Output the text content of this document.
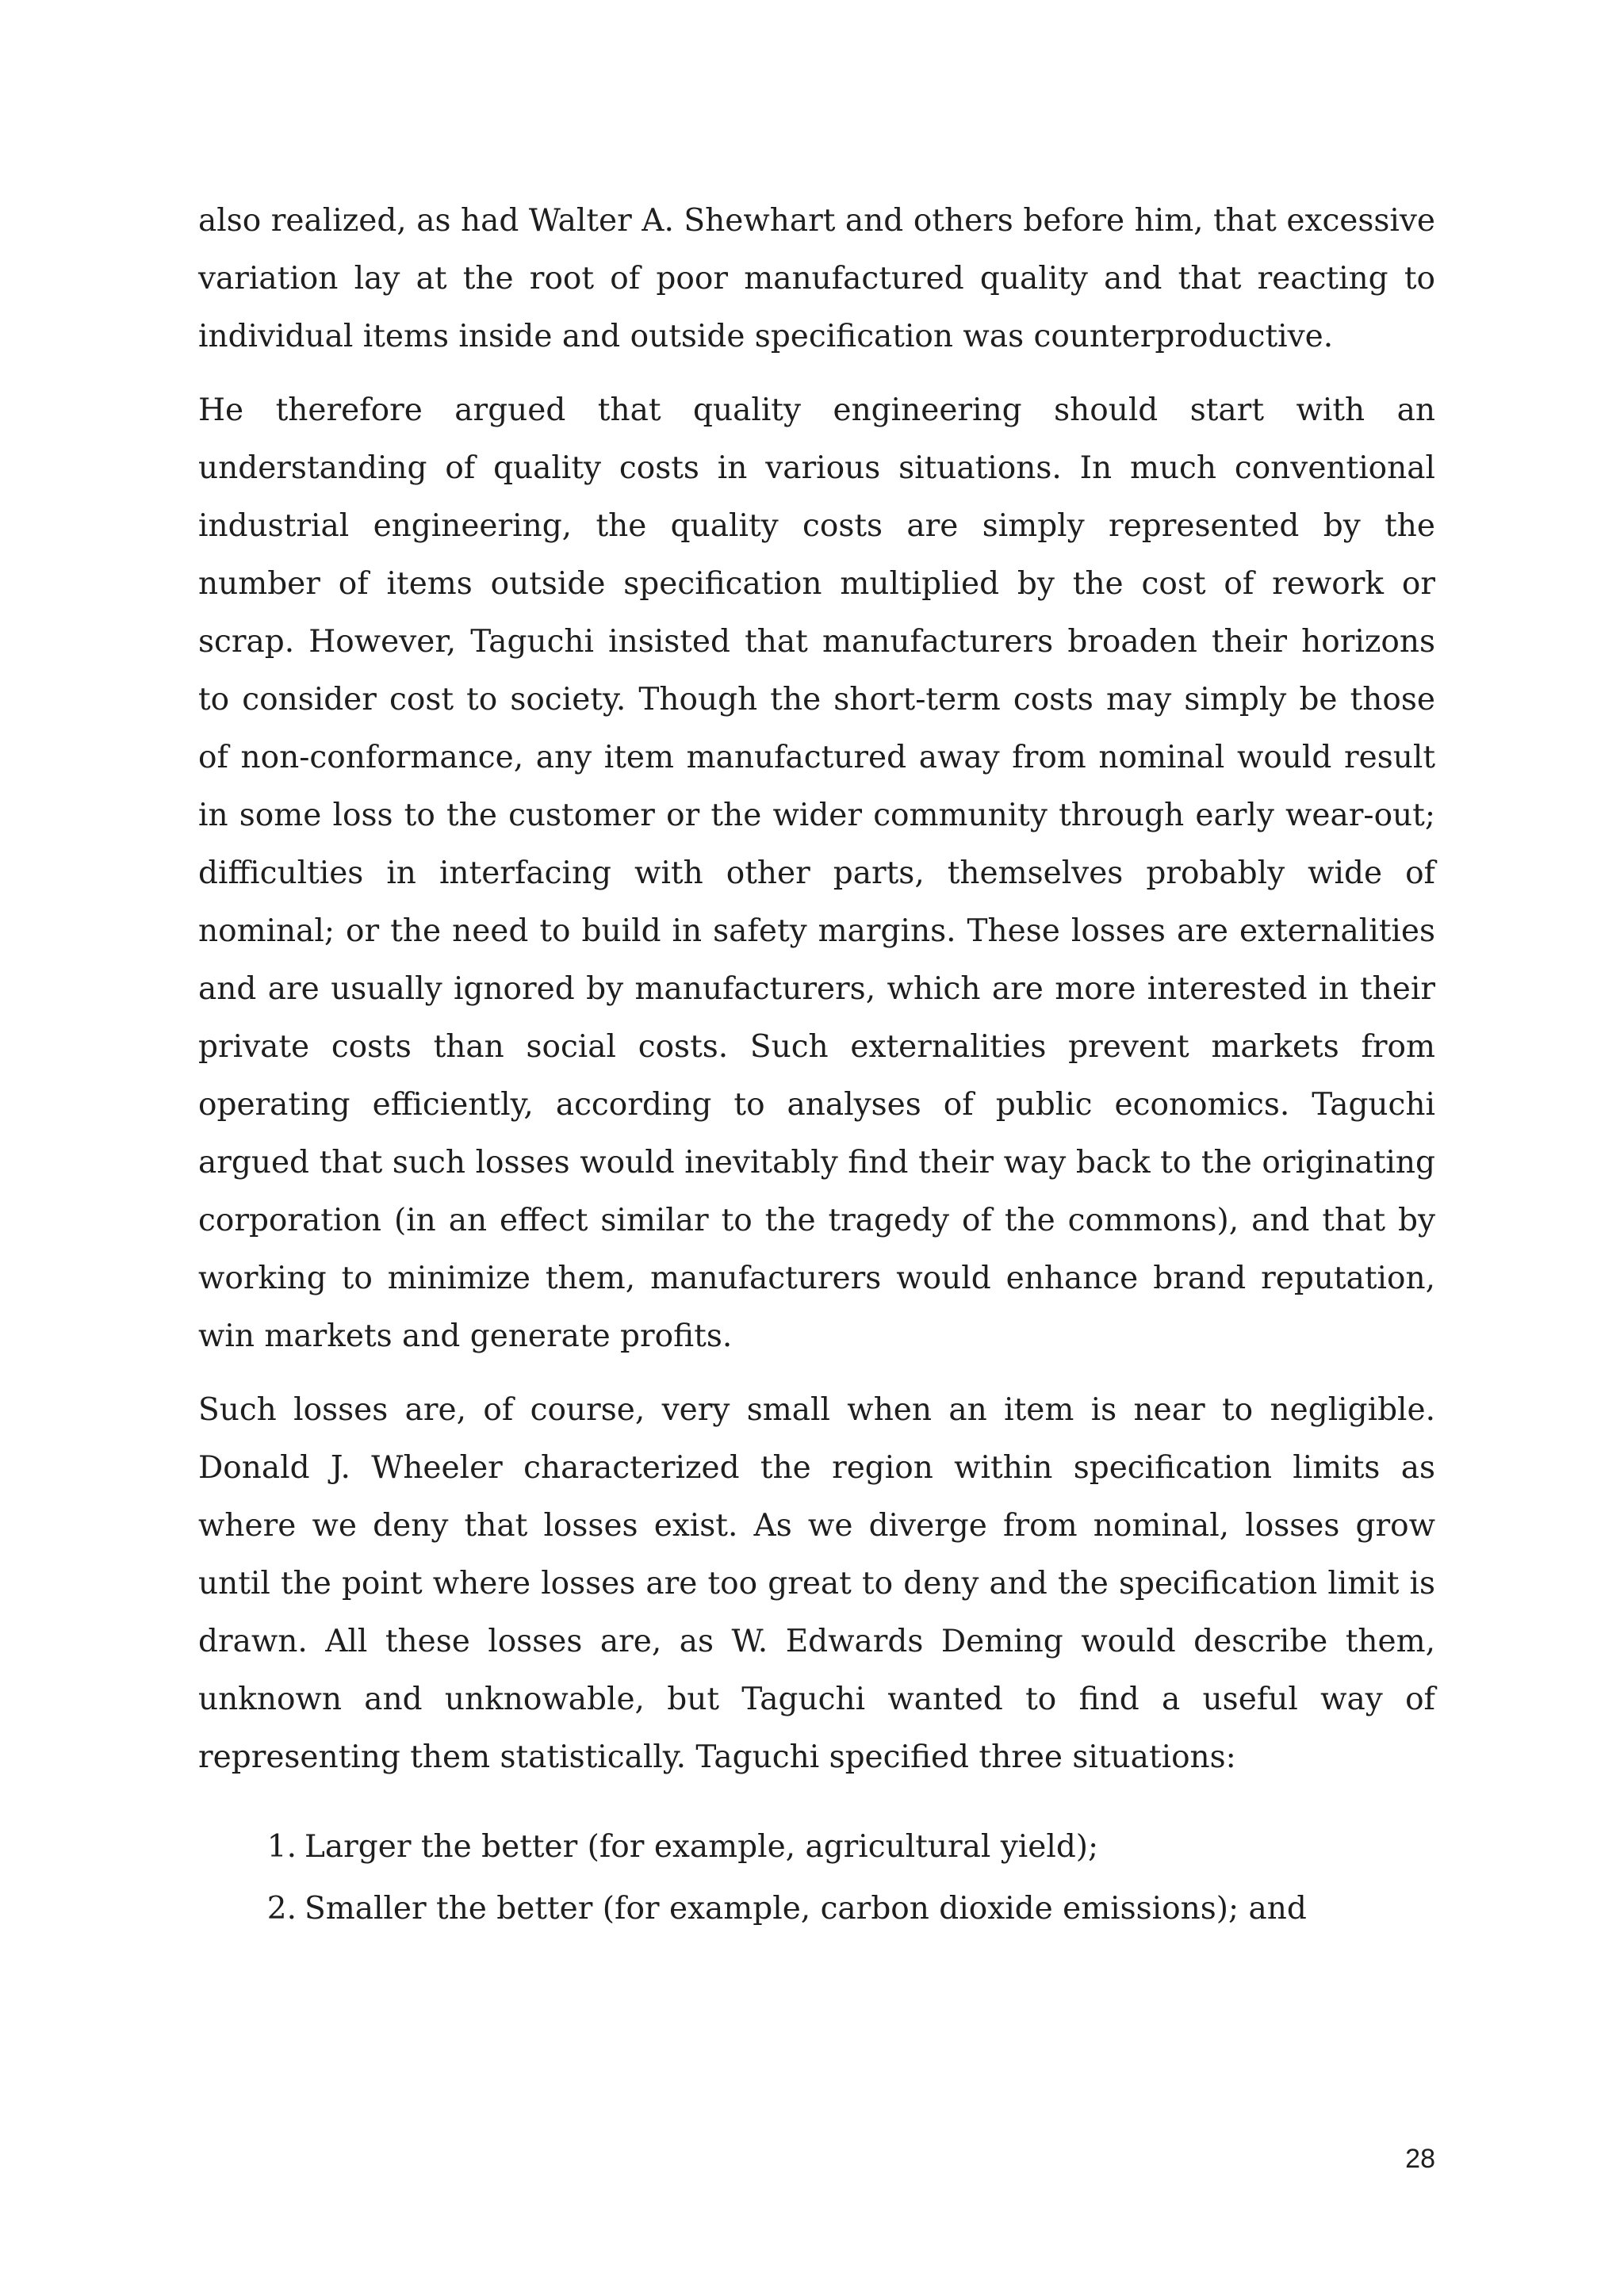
also realized, as had Walter A. Shewhart and others before him, that excessive variation lay at the root of poor manufactured quality and that reacting to individual items inside and outside specification was counterproductive.

He therefore argued that quality engineering should start with an understanding of quality costs in various situations. In much conventional industrial engineering, the quality costs are simply represented by the number of items outside specification multiplied by the cost of rework or scrap. However, Taguchi insisted that manufacturers broaden their horizons to consider cost to society. Though the short-term costs may simply be those of non-conformance, any item manufactured away from nominal would result in some loss to the customer or the wider community through early wear-out; difficulties in interfacing with other parts, themselves probably wide of nominal; or the need to build in safety margins. These losses are externalities and are usually ignored by manufacturers, which are more interested in their private costs than social costs. Such externalities prevent markets from operating efficiently, according to analyses of public economics. Taguchi argued that such losses would inevitably find their way back to the originating corporation (in an effect similar to the tragedy of the commons), and that by working to minimize them, manufacturers would enhance brand reputation, win markets and generate profits.

Such losses are, of course, very small when an item is near to negligible. Donald J. Wheeler characterized the region within specification limits as where we deny that losses exist. As we diverge from nominal, losses grow until the point where losses are too great to deny and the specification limit is drawn. All these losses are, as W. Edwards Deming would describe them, unknown and unknowable, but Taguchi wanted to find a useful way of representing them statistically. Taguchi specified three situations:

1. Larger the better (for example, agricultural yield);
2. Smaller the better (for example, carbon dioxide emissions); and
28
